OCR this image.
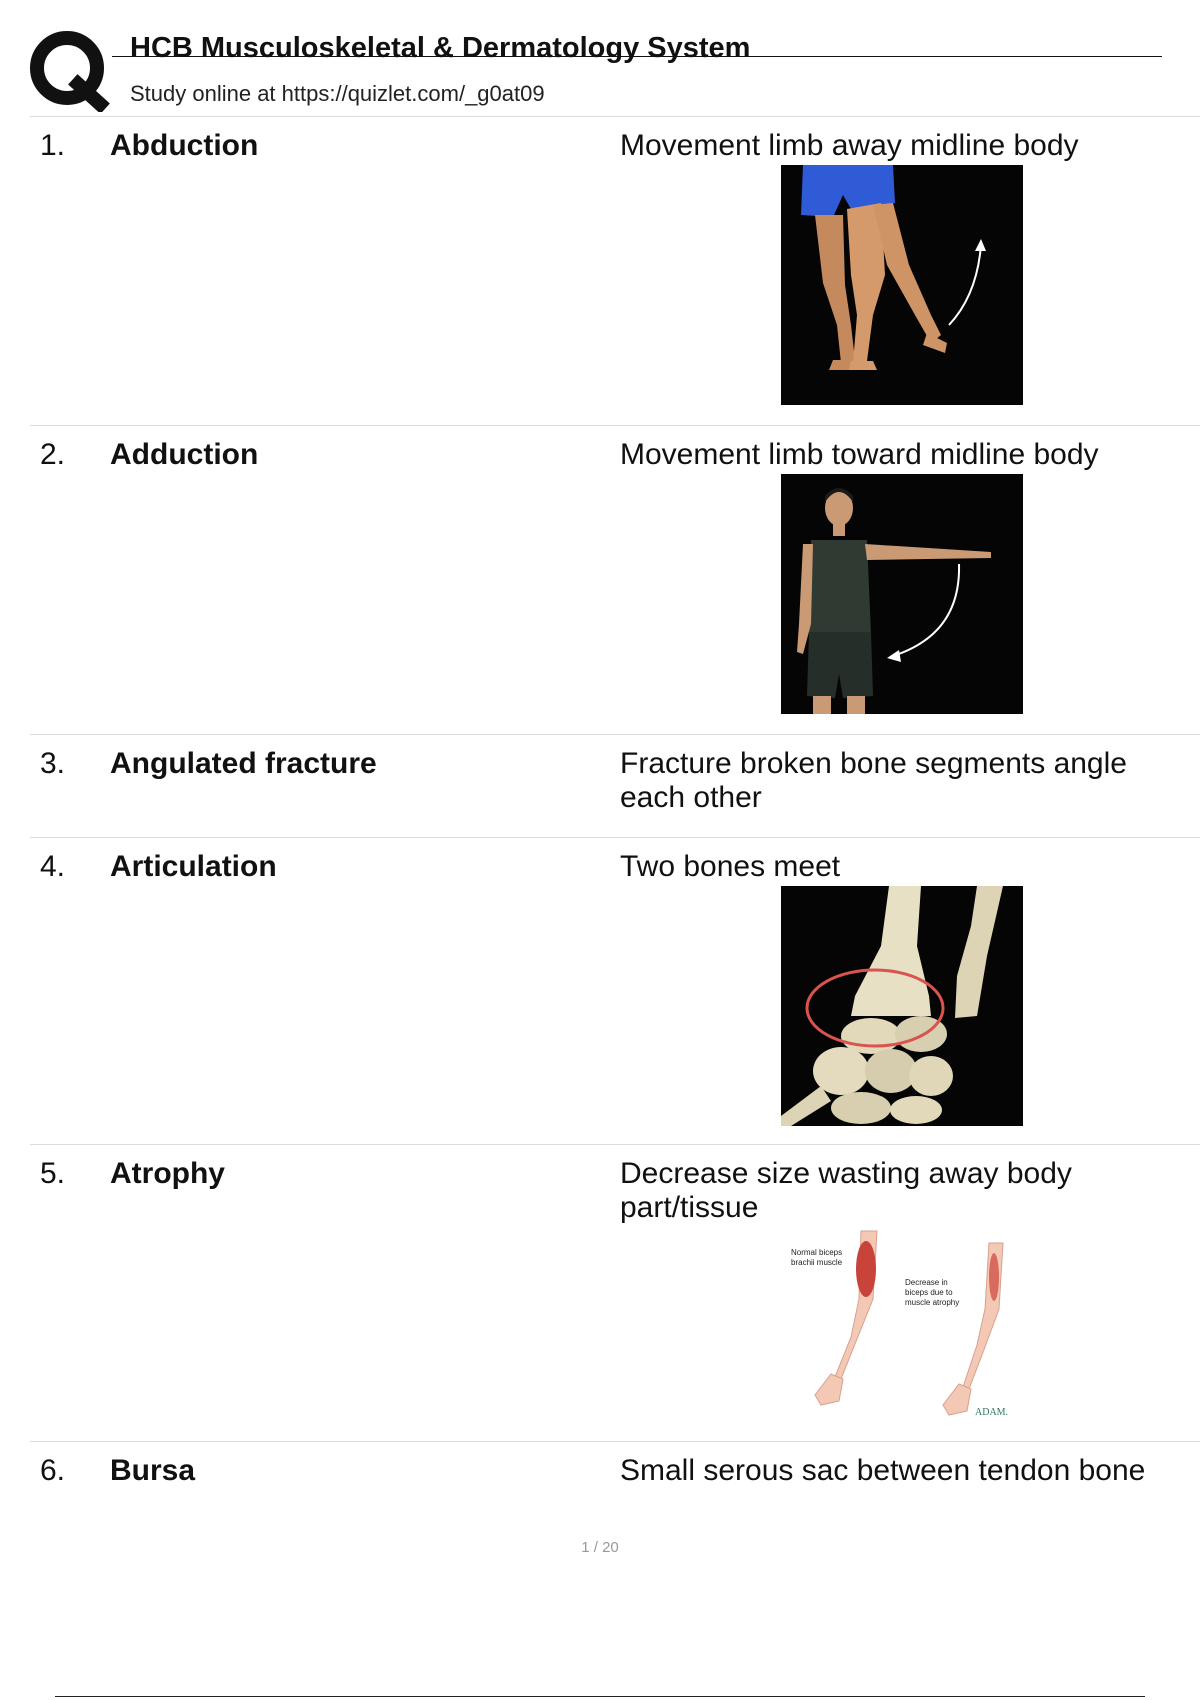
HCB Musculoskeletal & Dermatology System
Study online at https://quizlet.com/_g0at09
1. Abduction	Movement limb away midline body
2. Adduction	Movement limb toward midline body
3. Angulated fracture	Fracture broken bone segments angle each other
4. Articulation	Two bones meet
5. Atrophy	Decrease size wasting away body part/tissue
Normal biceps brachii muscle
Decrease in biceps due to muscle atrophy
ADAM.
6. Bursa	Small serous sac between tendon bone
1 / 20
